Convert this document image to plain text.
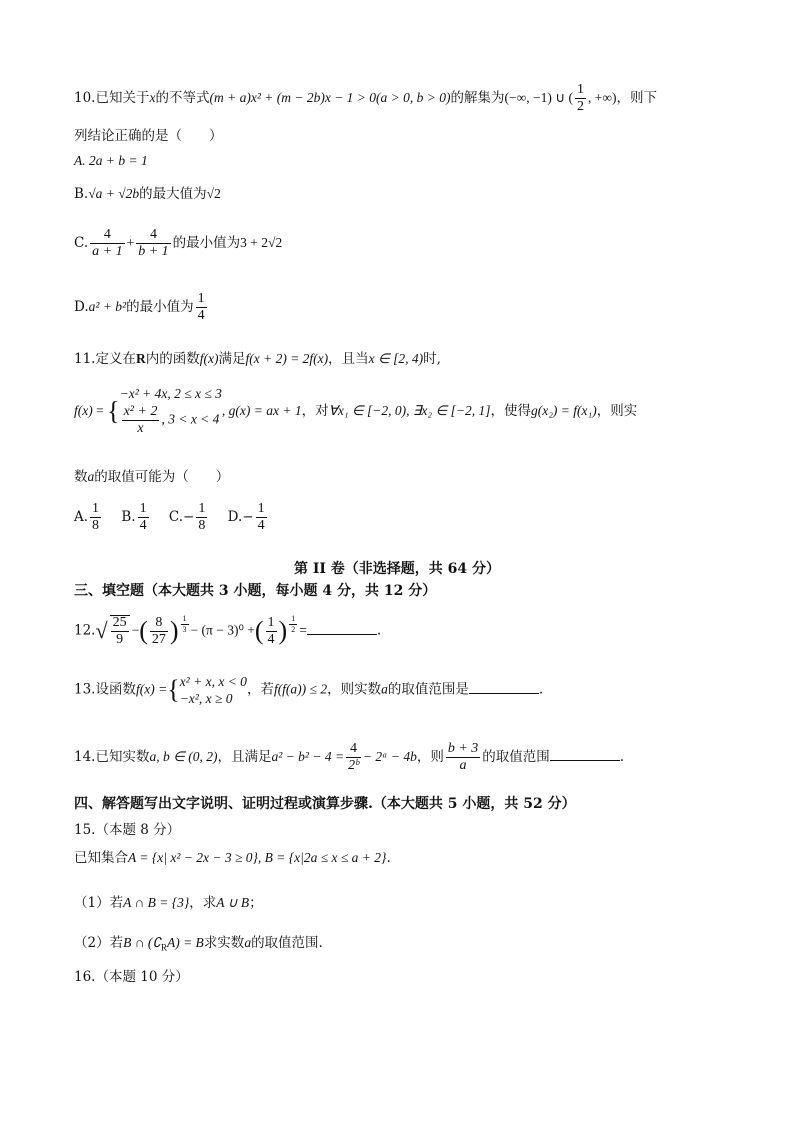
10.已知关于x的不等式(m + a)x² + (m − 2b)x − 1 > 0(a > 0, b > 0)的解集为(−∞, −1) ∪ ( $\frac{1}{2}$ , +∞)，则下
列结论正确的是（　　）
A. 2a + b = 1
B.√a + √2b的最大值为√2
C. $\frac{4}{a + 1} + \frac{4}{b + 1}$ 的最小值为3 + 2√2
D.a² + b²的最小值为 $\frac{1}{4}$
11.定义在R内的函数f(x)满足f(x + 2) = 2f(x)，且当x ∈ [2, 4)时,
f(x) = {
−x² + 4x, 2 ≤ x ≤ 3
$\frac{\text{x² + 2}}{x}$ , 3 < x < 4
, g(x) = ax + 1，对∀x₁ ∈ [−2, 0), ∃x₂ ∈ [−2, 1]，使得g(x₂) = f(x₁)，则实
数a的取值可能为（　　）
A. $\frac{1}{8} B$. $\frac{1}{4} C.- \frac{1}{8} D.- \frac{1}{4}$
第 II 卷（非选择题，共 64 分）
三、填空题（本大题共 3 小题，每小题 4 分，共 12 分）
$12.√ \frac{25}{9}$ −( $\frac{8}{27}$ ) $\frac{1}{3} - (\pi - 3)^0$ +( $\frac{1}{4}$ ) $\frac{1}{2}$ =	.
13.设函数f(x) ={ x² + x, x < 0
−x², x ≥ 0
，若f(f(a)) ≤ 2，则实数a的取值范围是	.
14.已知实数a, b ∈ (0, 2)，且满足$a^2 - b^2 - 4 = \frac{4}{\text{2ᵇ}}$ − 2ᵃ − 4b，则 $\frac{b + 3}{a}$ 的取值范围	.
四、解答题写出文字说明、证明过程或演算步骤.（本大题共 5 小题，共 52 分）
15.（本题 8 分）
已知集合A = {x| x² − 2x − 3 ≥ 0}, B = {x|2a ≤ x ≤ a + 2}.
（1）若A ∩ B = {3}，求A ∪ B；
（2）若B ∩ $(∁_RA) = B$求实数a的取值范围.
16.（本题 10 分）
